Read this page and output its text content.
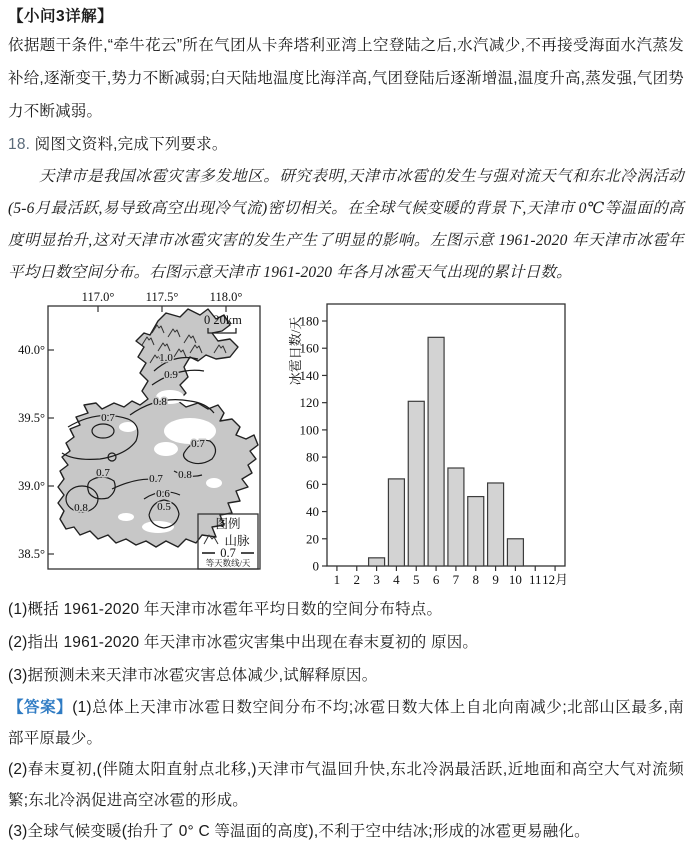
【小问3详解】

依据题干条件,“牵牛花云”所在气团从卡奔塔利亚湾上空登陆之后,水汽减少,不再接受海面水汽蒸发补给,逐渐变干,势力不断减弱;白天陆地温度比海洋高,气团登陆后逐渐增温,温度升高,蒸发强,气团势力不断减弱。

18. 阅图文资料,完成下列要求。

天津市是我国冰雹灾害多发地区。研究表明,天津市冰雹的发生与强对流天气和东北冷涡活动(5-6月最活跃,易导致高空出现冷气流)密切相关。在全球气候变暖的背景下,天津市 0℃等温面的高度明显抬升,这对天津市冰雹灾害的发生产生了明显的影响。左图示意 1961-2020 年天津市冰雹年平均日数空间分布。右图示意天津市 1961-2020 年各月冰雹天气出现的累计日数。

1.0
0.9
0.8
0.7
0.7
0.8
0.7
0.7 0.8
0.6
0.5
117.0°	117.5°	118.0°
40.0°
39.5°
39.0°
38.5°
0 20km
图例
山脉
0.7
等天数线/天
冰雹日数/天
0
20
40
60
80
100
120
140
160
180
1 2 3 4 5 6 7 8 9 10 11 12月

(1)概括 1961-2020 年天津市冰雹年平均日数的空间分布特点。

(2)指出 1961-2020 年天津市冰雹灾害集中出现在春末夏初的 原因。

(3)据预测未来天津市冰雹灾害总体减少,试解释原因。

【答案】(1)总体上天津市冰雹日数空间分布不均;冰雹日数大体上自北向南减少;北部山区最多,南部平原最少。

(2)春末夏初,(伴随太阳直射点北移,)天津市气温回升快,东北冷涡最活跃,近地面和高空大气对流频繁;东北冷涡促进高空冰雹的形成。

(3)全球气候变暖(抬升了 0° C 等温面的高度),不利于空中结冰;形成的冰雹更易融化。
